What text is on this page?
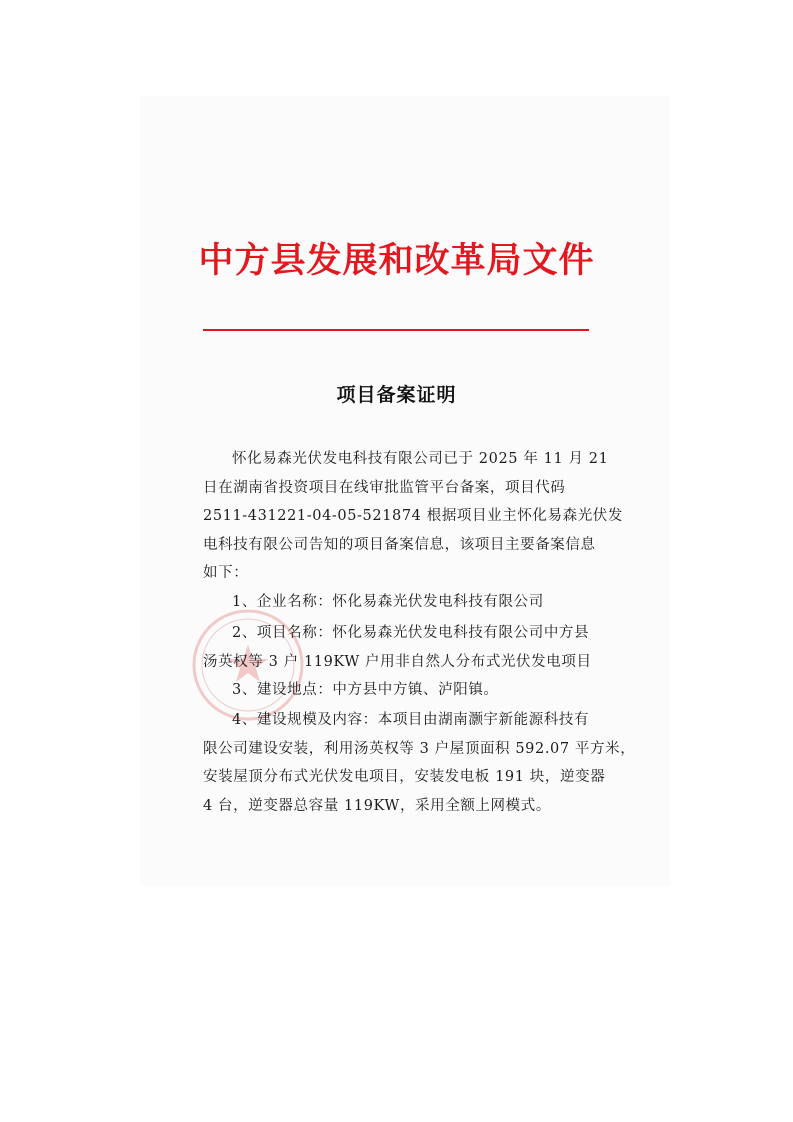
中方县发展和改革局文件
项目备案证明
怀化易森光伏发电科技有限公司已于 2025 年 11 月 21
日在湖南省投资项目在线审批监管平台备案，项目代码
2511-431221-04-05-521874 根据项目业主怀化易森光伏发
电科技有限公司告知的项目备案信息，该项目主要备案信息
如下：
1、企业名称：怀化易森光伏发电科技有限公司
2、项目名称：怀化易森光伏发电科技有限公司中方县
汤英权等 3 户 119KW 户用非自然人分布式光伏发电项目
3、建设地点：中方县中方镇、泸阳镇。
4、建设规模及内容：本项目由湖南灏宇新能源科技有
限公司建设安装，利用汤英权等 3 户屋顶面积 592.07 平方米，
安装屋顶分布式光伏发电项目，安装发电板 191 块，逆变器
4 台，逆变器总容量 119KW，采用全额上网模式。
